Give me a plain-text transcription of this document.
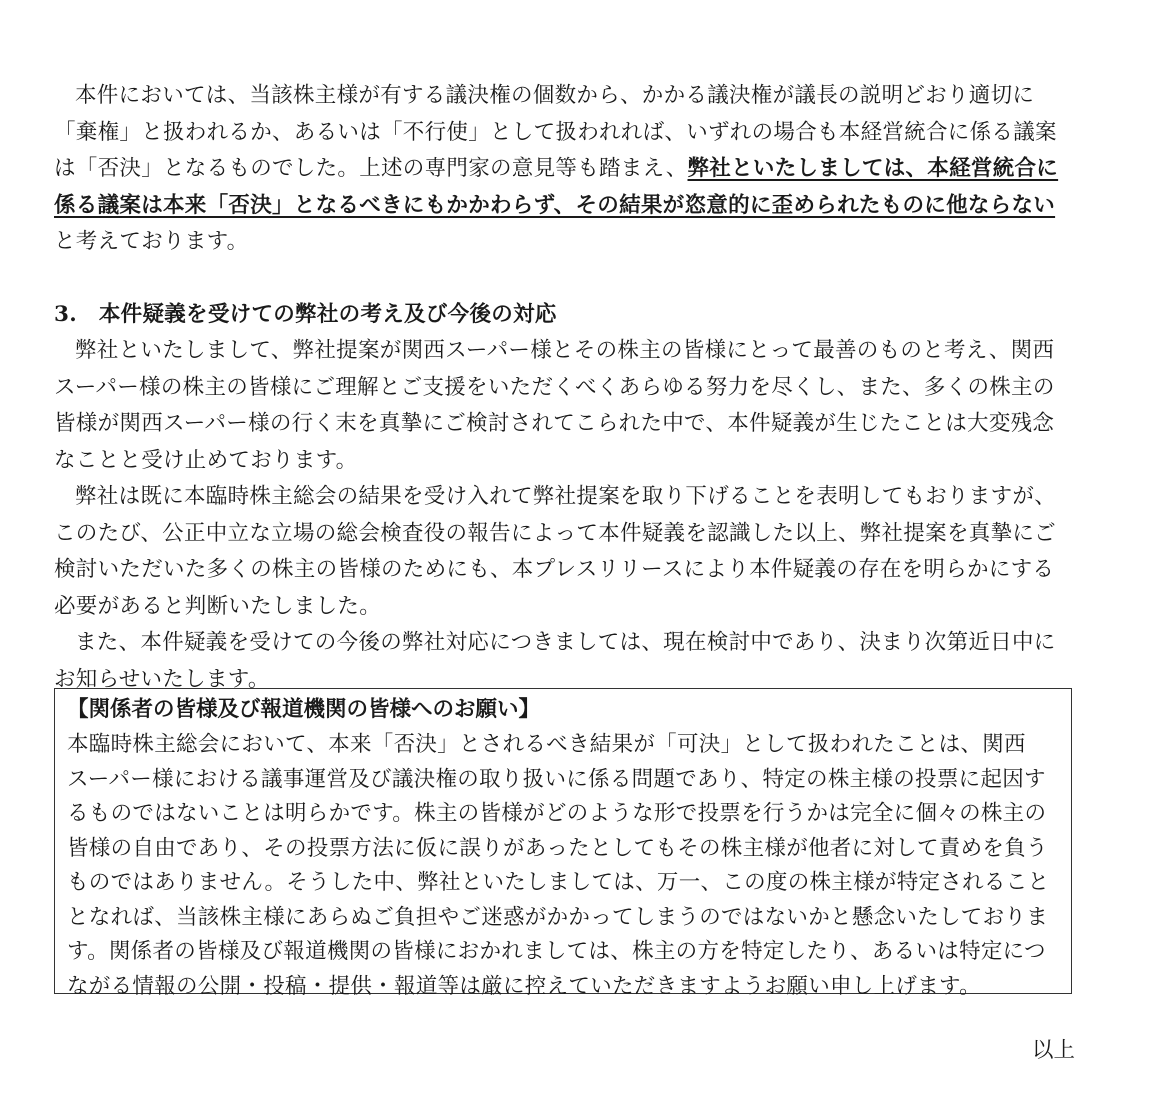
本件においては、当該株主様が有する議決権の個数から、かかる議決権が議長の説明どおり適切に
「棄権」と扱われるか、あるいは「不行使」として扱われれば、いずれの場合も本経営統合に係る議案
は「否決」となるものでした。上述の専門家の意見等も踏まえ、弊社といたしましては、本経営統合に
係る議案は本来「否決」となるべきにもかかわらず、その結果が恣意的に歪められたものに他ならない
と考えております。
3.　本件疑義を受けての弊社の考え及び今後の対応
弊社といたしまして、弊社提案が関西スーパー様とその株主の皆様にとって最善のものと考え、関西
スーパー様の株主の皆様にご理解とご支援をいただくべくあらゆる努力を尽くし、また、多くの株主の
皆様が関西スーパー様の行く末を真摯にご検討されてこられた中で、本件疑義が生じたことは大変残念
なことと受け止めております。
弊社は既に本臨時株主総会の結果を受け入れて弊社提案を取り下げることを表明してもおりますが、
このたび、公正中立な立場の総会検査役の報告によって本件疑義を認識した以上、弊社提案を真摯にご
検討いただいた多くの株主の皆様のためにも、本プレスリリースにより本件疑義の存在を明らかにする
必要があると判断いたしました。
また、本件疑義を受けての今後の弊社対応につきましては、現在検討中であり、決まり次第近日中に
お知らせいたします。
【関係者の皆様及び報道機関の皆様へのお願い】
本臨時株主総会において、本来「否決」とされるべき結果が「可決」として扱われたことは、関西
スーパー様における議事運営及び議決権の取り扱いに係る問題であり、特定の株主様の投票に起因す
るものではないことは明らかです。株主の皆様がどのような形で投票を行うかは完全に個々の株主の
皆様の自由であり、その投票方法に仮に誤りがあったとしてもその株主様が他者に対して責めを負う
ものではありません。そうした中、弊社といたしましては、万一、この度の株主様が特定されること
となれば、当該株主様にあらぬご負担やご迷惑がかかってしまうのではないかと懸念いたしておりま
す。関係者の皆様及び報道機関の皆様におかれましては、株主の方を特定したり、あるいは特定につ
ながる情報の公開・投稿・提供・報道等は厳に控えていただきますようお願い申し上げます。
以上
